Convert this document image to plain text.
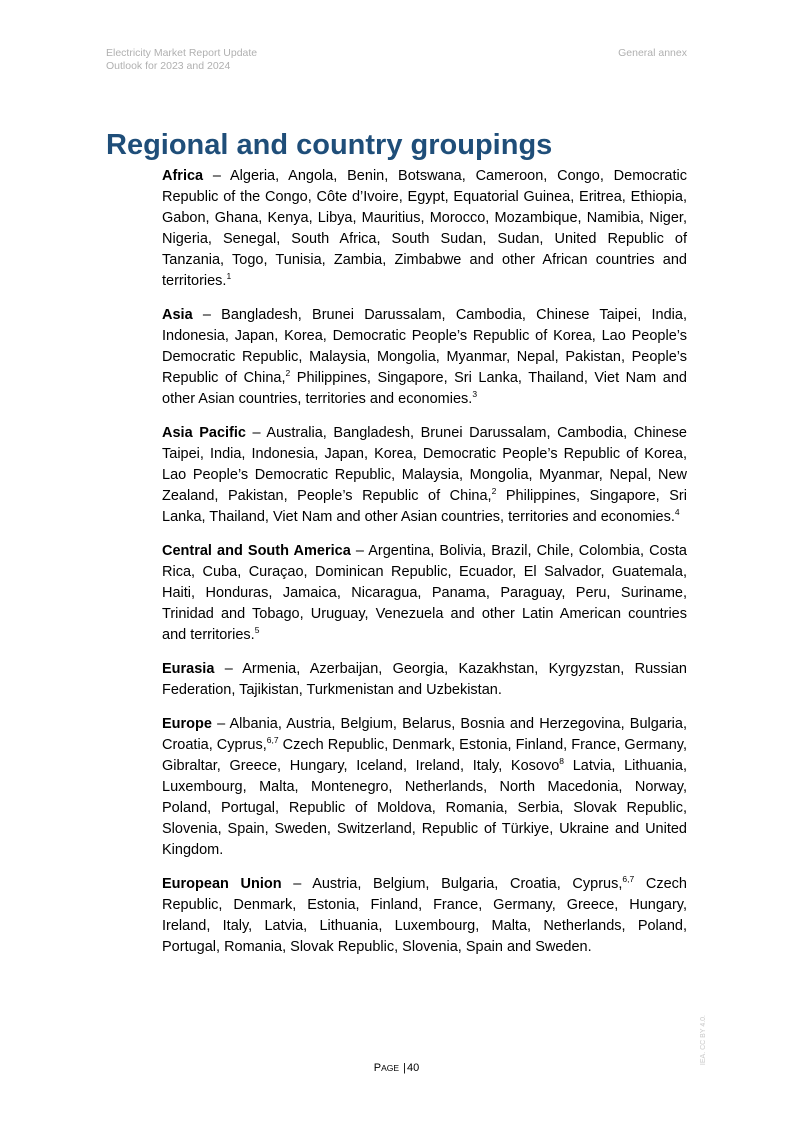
Electricity Market Report Update
Outlook for 2023 and 2024
General annex
Regional and country groupings

Africa – Algeria, Angola, Benin, Botswana, Cameroon, Congo, Democratic Republic of the Congo, Côte d’Ivoire, Egypt, Equatorial Guinea, Eritrea, Ethiopia, Gabon, Ghana, Kenya, Libya, Mauritius, Morocco, Mozambique, Namibia, Niger, Nigeria, Senegal, South Africa, South Sudan, Sudan, United Republic of Tanzania, Togo, Tunisia, Zambia, Zimbabwe and other African countries and territories.$^1$

Asia – Bangladesh, Brunei Darussalam, Cambodia, Chinese Taipei, India, Indonesia, Japan, Korea, Democratic People’s Republic of Korea, Lao People’s Democratic Republic, Malaysia, Mongolia, Myanmar, Nepal, Pakistan, People’s Republic of China,$^2$ Philippines, Singapore, Sri Lanka, Thailand, Viet Nam and other Asian countries, territories and economies.$^3$

Asia Pacific – Australia, Bangladesh, Brunei Darussalam, Cambodia, Chinese Taipei, India, Indonesia, Japan, Korea, Democratic People’s Republic of Korea, Lao People’s Democratic Republic, Malaysia, Mongolia, Myanmar, Nepal, New Zealand, Pakistan, People’s Republic of China,$^2$ Philippines, Singapore, Sri Lanka, Thailand, Viet Nam and other Asian countries, territories and economies.$^4$

Central and South America – Argentina, Bolivia, Brazil, Chile, Colombia, Costa Rica, Cuba, Curaçao, Dominican Republic, Ecuador, El Salvador, Guatemala, Haiti, Honduras, Jamaica, Nicaragua, Panama, Paraguay, Peru, Suriname, Trinidad and Tobago, Uruguay, Venezuela and other Latin American countries and territories.$^5$

Eurasia – Armenia, Azerbaijan, Georgia, Kazakhstan, Kyrgyzstan, Russian Federation, Tajikistan, Turkmenistan and Uzbekistan.

Europe – Albania, Austria, Belgium, Belarus, Bosnia and Herzegovina, Bulgaria, Croatia, Cyprus,$^{6,7}$ Czech Republic, Denmark, Estonia, Finland, France, Germany, Gibraltar, Greece, Hungary, Iceland, Ireland, Italy, Kosovo$^8$ Latvia, Lithuania, Luxembourg, Malta, Montenegro, Netherlands, North Macedonia, Norway, Poland, Portugal, Republic of Moldova, Romania, Serbia, Slovak Republic, Slovenia, Spain, Sweden, Switzerland, Republic of Türkiye, Ukraine and United Kingdom.

European Union – Austria, Belgium, Bulgaria, Croatia, Cyprus,$^{6,7}$ Czech Republic, Denmark, Estonia, Finland, France, Germany, Greece, Hungary, Ireland, Italy, Latvia, Lithuania, Luxembourg, Malta, Netherlands, Poland, Portugal, Romania, Slovak Republic, Slovenia, Spain and Sweden.

PAGE |40
IEA. CC BY 4.0.
